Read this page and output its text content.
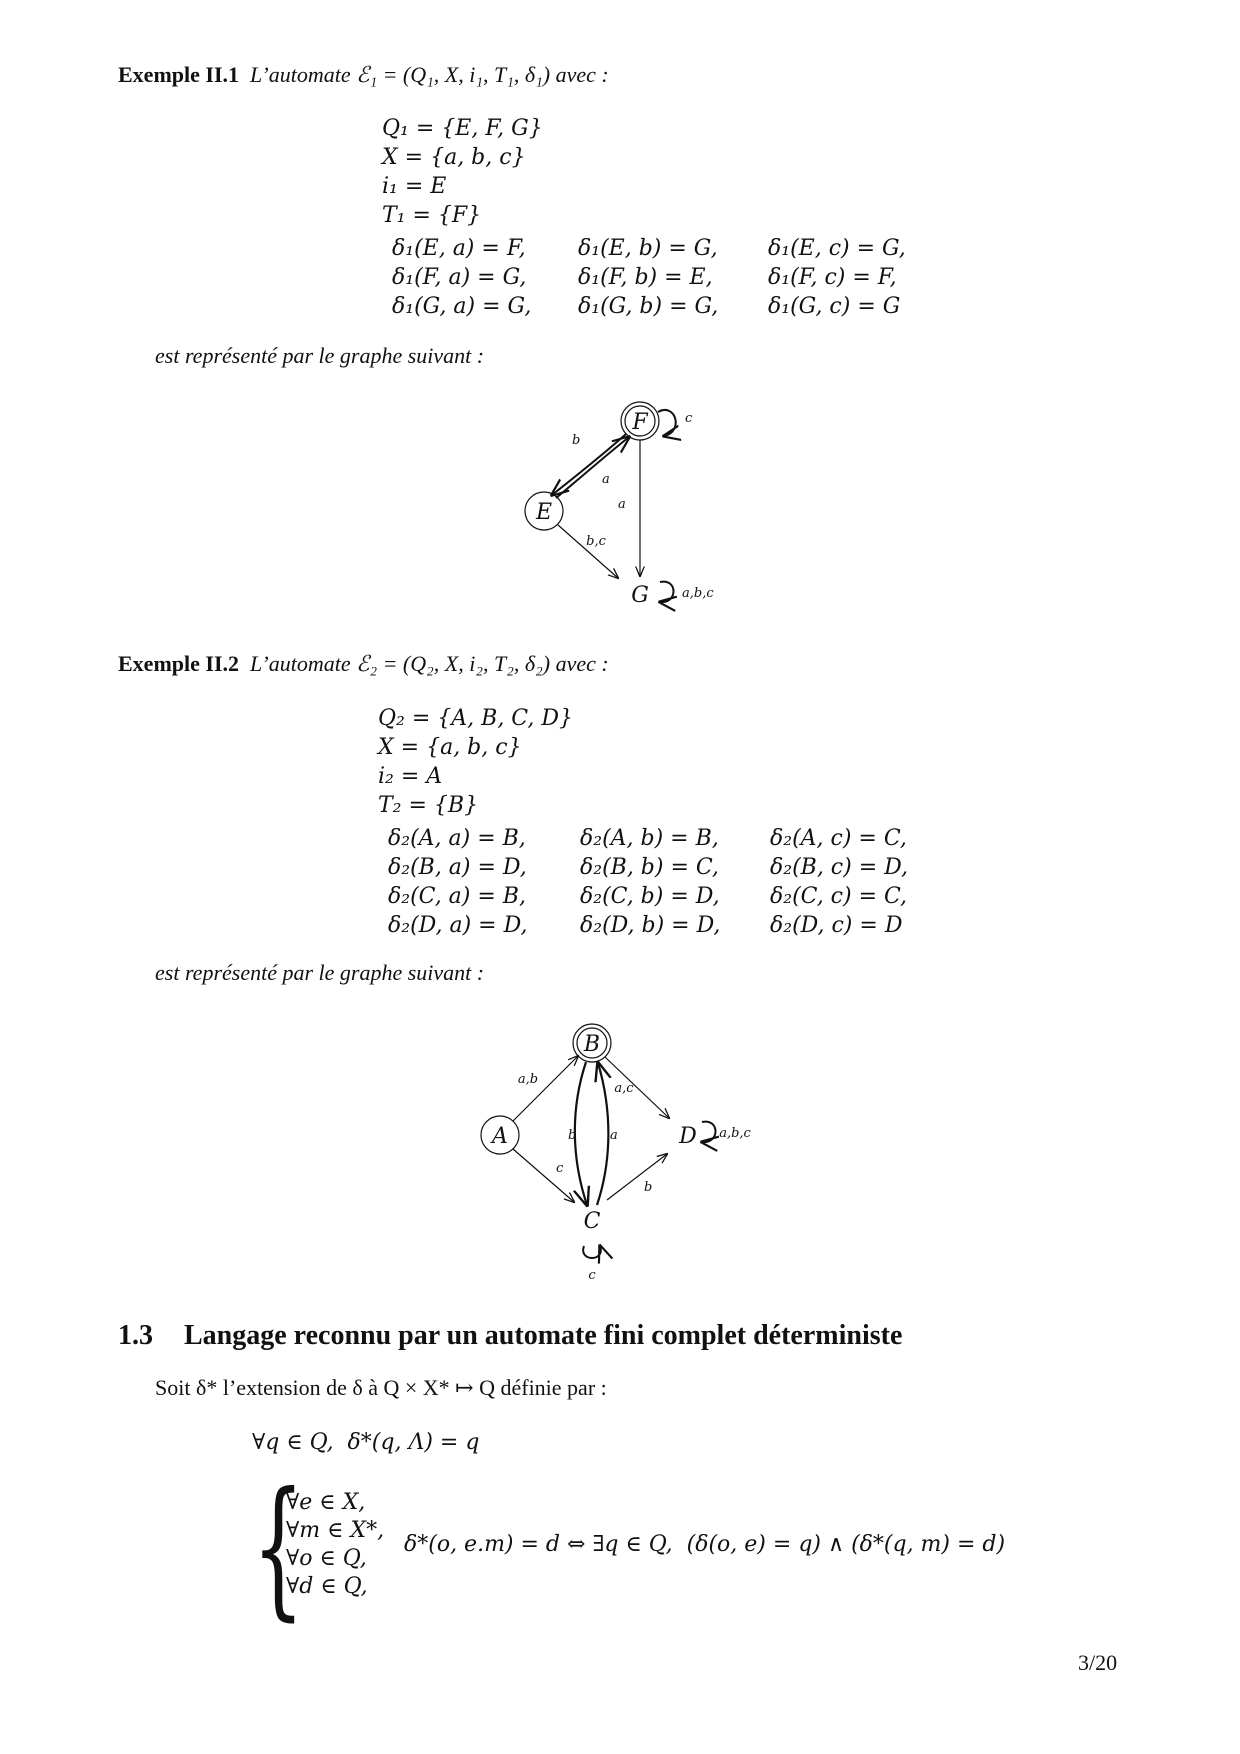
Exemple II.1 L’automate ℰ₁ = (Q₁, X, i₁, T₁, δ₁) avec :
Q₁ = {E, F, G}
X = {a, b, c}
i₁ = E
T₁ = {F}
δ₁(E, a) = F,	δ₁(E, b) = G,	δ₁(E, c) = G,
δ₁(F, a) = G,	δ₁(F, b) = E,	δ₁(F, c) = F,
δ₁(G, a) = G,	δ₁(G, b) = G,	δ₁(G, c) = G
est représenté par le graphe suivant :
F
E
G
b
a
a
b,c
c
a,b,c
Exemple II.2 L’automate ℰ₂ = (Q₂, X, i₂, T₂, δ₂) avec :
Q₂ = {A, B, C, D}
X = {a, b, c}
i₂ = A
T₂ = {B}
δ₂(A, a) = B,	δ₂(A, b) = B,	δ₂(A, c) = C,
δ₂(B, a) = D,	δ₂(B, b) = C,	δ₂(B, c) = D,
δ₂(C, a) = B,	δ₂(C, b) = D,	δ₂(C, c) = C,
δ₂(D, a) = D,	δ₂(D, b) = D,	δ₂(D, c) = D
est représenté par le graphe suivant :
B
A
C
D
a,b
c
a,c
b
b	a
c
a,b,c
1.3 Langage reconnu par un automate fini complet déterministe
Soit δ* l’extension de δ à Q × X* ↦ Q définie par :
∀q ∈ Q,  δ*(q, Λ) = q
{
∀e ∈ X,
∀m ∈ X*,
∀o ∈ Q,
∀d ∈ Q,
δ*(o, e.m) = d ⇔ ∃q ∈ Q,  (δ(o, e) = q) ∧ (δ*(q, m) = d)
3/20
